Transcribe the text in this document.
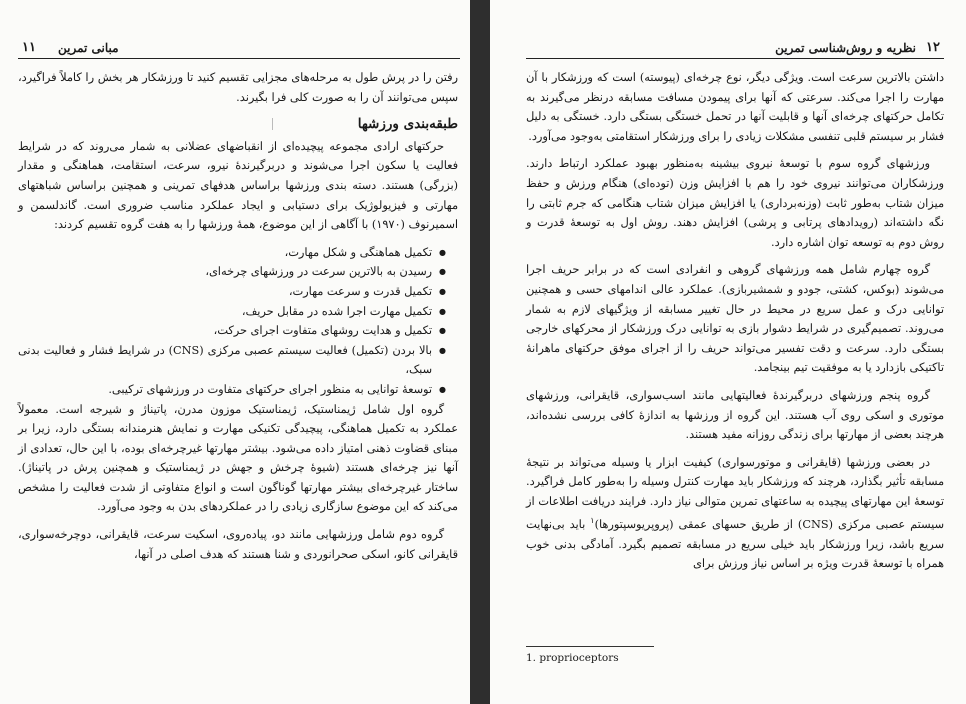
۱۱ مبانی تمرین

رفتن را در پرش طول به مرحله‌های مجزایی تقسیم کنید تا ورزشکار هر بخش را کاملاً فراگیرد، سپس می‌توانند آن را به صورت کلی فرا بگیرند.

طبقه‌بندی ورزشها

حرکتهای ارادی مجموعه پیچیده‌ای از انقباضهای عضلانی به شمار می‌روند که در شرایط فعالیت یا سکون اجرا می‌شوند و دربرگیرندهٔ نیرو، سرعت، استقامت، هماهنگی و مقدار (بزرگی) هستند. دسته بندی ورزشها براساس هدفهای تمرینی و همچنین براساس شباهتهای مهارتی و فیزیولوژیک برای دستیابی و ایجاد عملکرد مناسب ضروری است. گاندلسمن و اسمیرنوف (۱۹۷۰) با آگاهی از این موضوع، همهٔ ورزشها را به هفت گروه تقسیم کردند:

● تکمیل هماهنگی و شکل مهارت،
● رسیدن به بالاترین سرعت در ورزشهای چرخه‌ای،
● تکمیل قدرت و سرعت مهارت،
● تکمیل مهارت اجرا شده در مقابل حریف،
● تکمیل و هدایت روشهای متفاوت اجرای حرکت،
● بالا بردن (تکمیل) فعالیت سیستم عصبی مرکزی (CNS) در شرایط فشار و فعالیت بدنی سبک،
● توسعهٔ توانایی به منظور اجرای حرکتهای متفاوت در ورزشهای ترکیبی.

گروه اول شامل ژیمناستیک، ژیمناستیک موزون مدرن، پاتیناژ و شیرجه است. معمولاً عملکرد به تکمیل هماهنگی، پیچیدگی تکنیکی مهارت و نمایش هنرمندانه بستگی دارد، زیرا بر مبنای قضاوت ذهنی امتیاز داده می‌شود. بیشتر مهارتها غیرچرخه‌ای بوده، با این حال، تعدادی از آنها نیز چرخه‌ای هستند (شیوهٔ چرخش و جهش در ژیمناستیک و همچنین پرش در پاتیناژ). ساختار غیرچرخه‌ای بیشتر مهارتها گوناگون است و انواع متفاوتی از شدت فعالیت را مشخص می‌کند که این موضوع سازگاری زیادی را در عملکردهای بدن به وجود می‌آورد.

گروه دوم شامل ورزشهایی مانند دو، پیاده‌روی، اسکیت سرعت، قایقرانی، دوچرخه‌سواری، قایقرانی کانو، اسکی صحرانوردی و شنا هستند که هدف اصلی در آنها،

۱۲
نظریه و روش‌شناسی تمرین

داشتن بالاترین سرعت است. ویژگی دیگر، نوع چرخه‌ای (پیوسته) است که ورزشکار با آن مهارت را اجرا می‌کند. سرعتی که آنها برای پیمودن مسافت مسابقه درنظر می‌گیرند به تکامل حرکتهای چرخه‌ای آنها و قابلیت آنها در تحمل خستگی بستگی دارد. خستگی به دلیل فشار بر سیستم قلبی تنفسی مشکلات زیادی را برای ورزشکار استقامتی به‌وجود می‌آورد.

ورزشهای گروه سوم با توسعهٔ نیروی بیشینه به‌منظور بهبود عملکرد ارتباط دارند. ورزشکاران می‌توانند نیروی خود را هم با افزایش وزن (توده‌ای) هنگام ورزش و حفظ میزان شتاب به‌طور ثابت (وزنه‌برداری) یا افزایش میزان شتاب هنگامی که جرم ثابتی را نگه داشته‌اند (رویدادهای پرتابی و پرشی) افزایش دهند. روش اول به توسعهٔ قدرت و روش دوم به توسعه توان اشاره دارد.

گروه چهارم شامل همه ورزشهای گروهی و انفرادی است که در برابر حریف اجرا می‌شوند (بوکس، کشتی، جودو و شمشیربازی). عملکرد عالی اندامهای حسی و همچنین توانایی درک و عمل سریع در محیط در حال تغییر مسابقه از ویژگیهای لازم به شمار می‌روند. تصمیم‌گیری در شرایط دشوار بازی به توانایی درک ورزشکار از محرکهای خارجی بستگی دارد. سرعت و دقت تفسیر می‌تواند حریف را از اجرای موفق حرکتهای ماهرانهٔ تاکتیکی بازدارد یا به موفقیت تیم بینجامد.

گروه پنجم ورزشهای دربرگیرندهٔ فعالیتهایی مانند اسب‌سواری، قایقرانی، ورزشهای موتوری و اسکی روی آب هستند. این گروه از ورزشها به اندازهٔ کافی بررسی نشده‌اند، هرچند بعضی از مهارتها برای زندگی روزانه مفید هستند.

در بعضی ورزشها (قایقرانی و موتورسواری) کیفیت ابزار یا وسیله می‌تواند بر نتیجهٔ مسابقه تأثیر بگذارد، هرچند که ورزشکار باید مهارت کنترل وسیله را به‌طور کامل فراگیرد. توسعهٔ این مهارتهای پیچیده به ساعتهای تمرین متوالی نیاز دارد. فرایند دریافت اطلاعات از سیستم عصبی مرکزی (CNS) از طریق حسهای عمقی (پروپریوسپتورها)$^۱$ باید بی‌نهایت سریع باشد، زیرا ورزشکار باید خیلی سریع در مسابقه تصمیم بگیرد. آمادگی بدنی خوب همراه با توسعهٔ قدرت ویژه بر اساس نیاز ورزش برای

1. proprioceptors
